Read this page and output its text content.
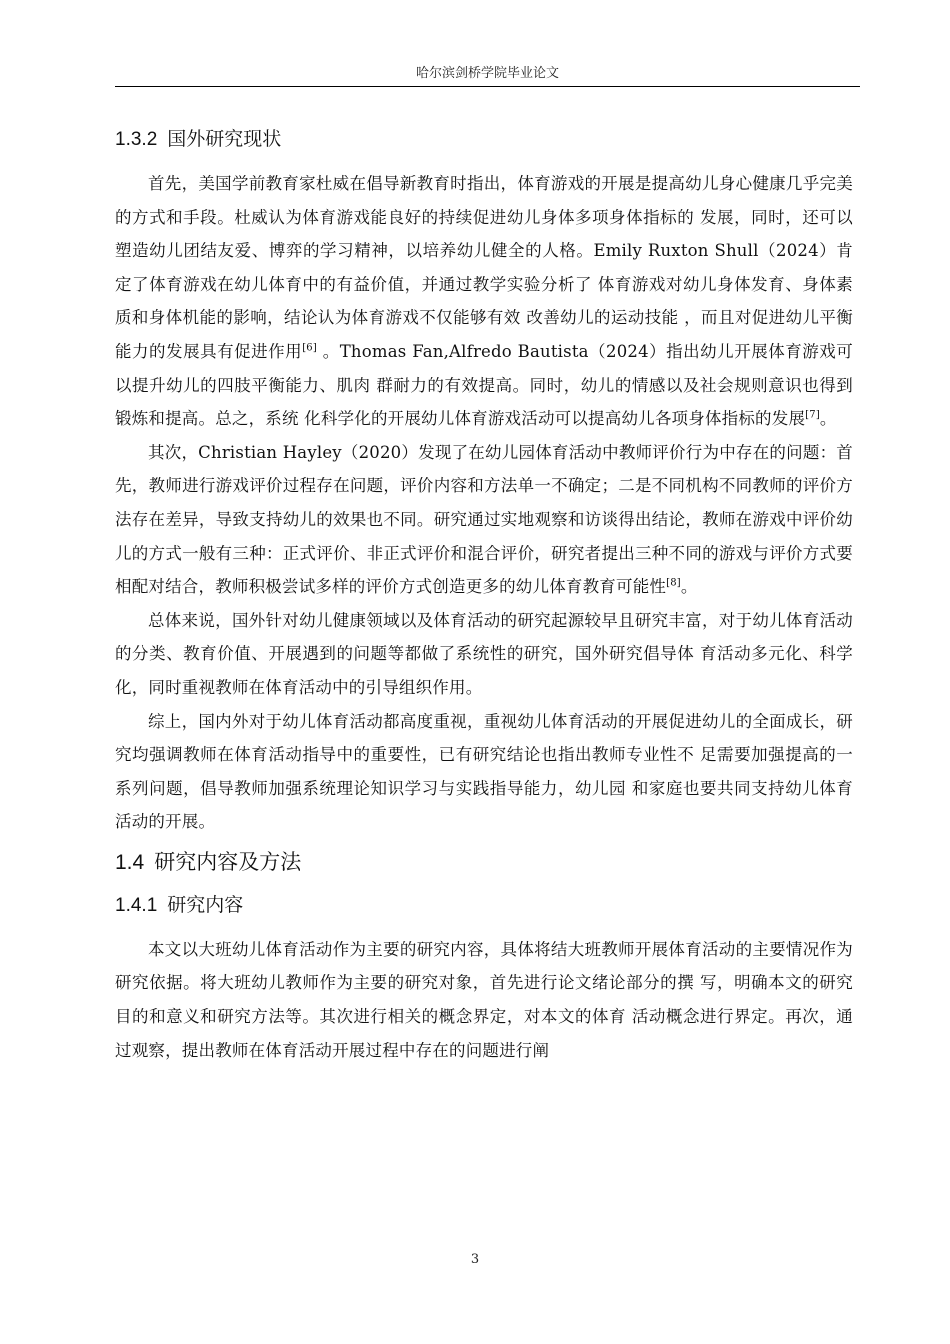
哈尔滨剑桥学院毕业论文
1.3.2 国外研究现状

首先，美国学前教育家杜威在倡导新教育时指出，体育游戏的开展是提高幼儿身心健康几乎完美的方式和手段。杜威认为体育游戏能良好的持续促进幼儿身体多项身体指标的 发展，同时，还可以塑造幼儿团结友爱、博弈的学习精神，以培养幼儿健全的人格。Emily Ruxton Shull（2024）肯定了体育游戏在幼儿体育中的有益价值，并通过教学实验分析了 体育游戏对幼儿身体发育、身体素质和身体机能的影响，结论认为体育游戏不仅能够有效 改善幼儿的运动技能 ，而且对促进幼儿平衡能力的发展具有促进作用[6] 。Thomas Fan,Alfredo Bautista（2024）指出幼儿开展体育游戏可以提升幼儿的四肢平衡能力、肌肉 群耐力的有效提高。同时，幼儿的情感以及社会规则意识也得到锻炼和提高。总之，系统 化科学化的开展幼儿体育游戏活动可以提高幼儿各项身体指标的发展[7]。

其次，Christian Hayley（2020）发现了在幼儿园体育活动中教师评价行为中存在的问题：首先，教师进行游戏评价过程存在问题，评价内容和方法单一不确定；二是不同机构不同教师的评价方法存在差异，导致支持幼儿的效果也不同。研究通过实地观察和访谈得出结论，教师在游戏中评价幼儿的方式一般有三种：正式评价、非正式评价和混合评价，研究者提出三种不同的游戏与评价方式要相配对结合，教师积极尝试多样的评价方式创造更多的幼儿体育教育可能性[8]。

总体来说，国外针对幼儿健康领域以及体育活动的研究起源较早且研究丰富，对于幼儿体育活动的分类、教育价值、开展遇到的问题等都做了系统性的研究，国外研究倡导体 育活动多元化、科学化，同时重视教师在体育活动中的引导组织作用。

综上，国内外对于幼儿体育活动都高度重视，重视幼儿体育活动的开展促进幼儿的全面成长，研究均强调教师在体育活动指导中的重要性，已有研究结论也指出教师专业性不 足需要加强提高的一系列问题，倡导教师加强系统理论知识学习与实践指导能力，幼儿园 和家庭也要共同支持幼儿体育活动的开展。

1.4 研究内容及方法
1.4.1 研究内容

本文以大班幼儿体育活动作为主要的研究内容，具体将结大班教师开展体育活动的主要情况作为研究依据。将大班幼儿教师作为主要的研究对象，首先进行论文绪论部分的撰 写，明确本文的研究目的和意义和研究方法等。其次进行相关的概念界定，对本文的体育 活动概念进行界定。再次，通过观察，提出教师在体育活动开展过程中存在的问题进行阐

3
